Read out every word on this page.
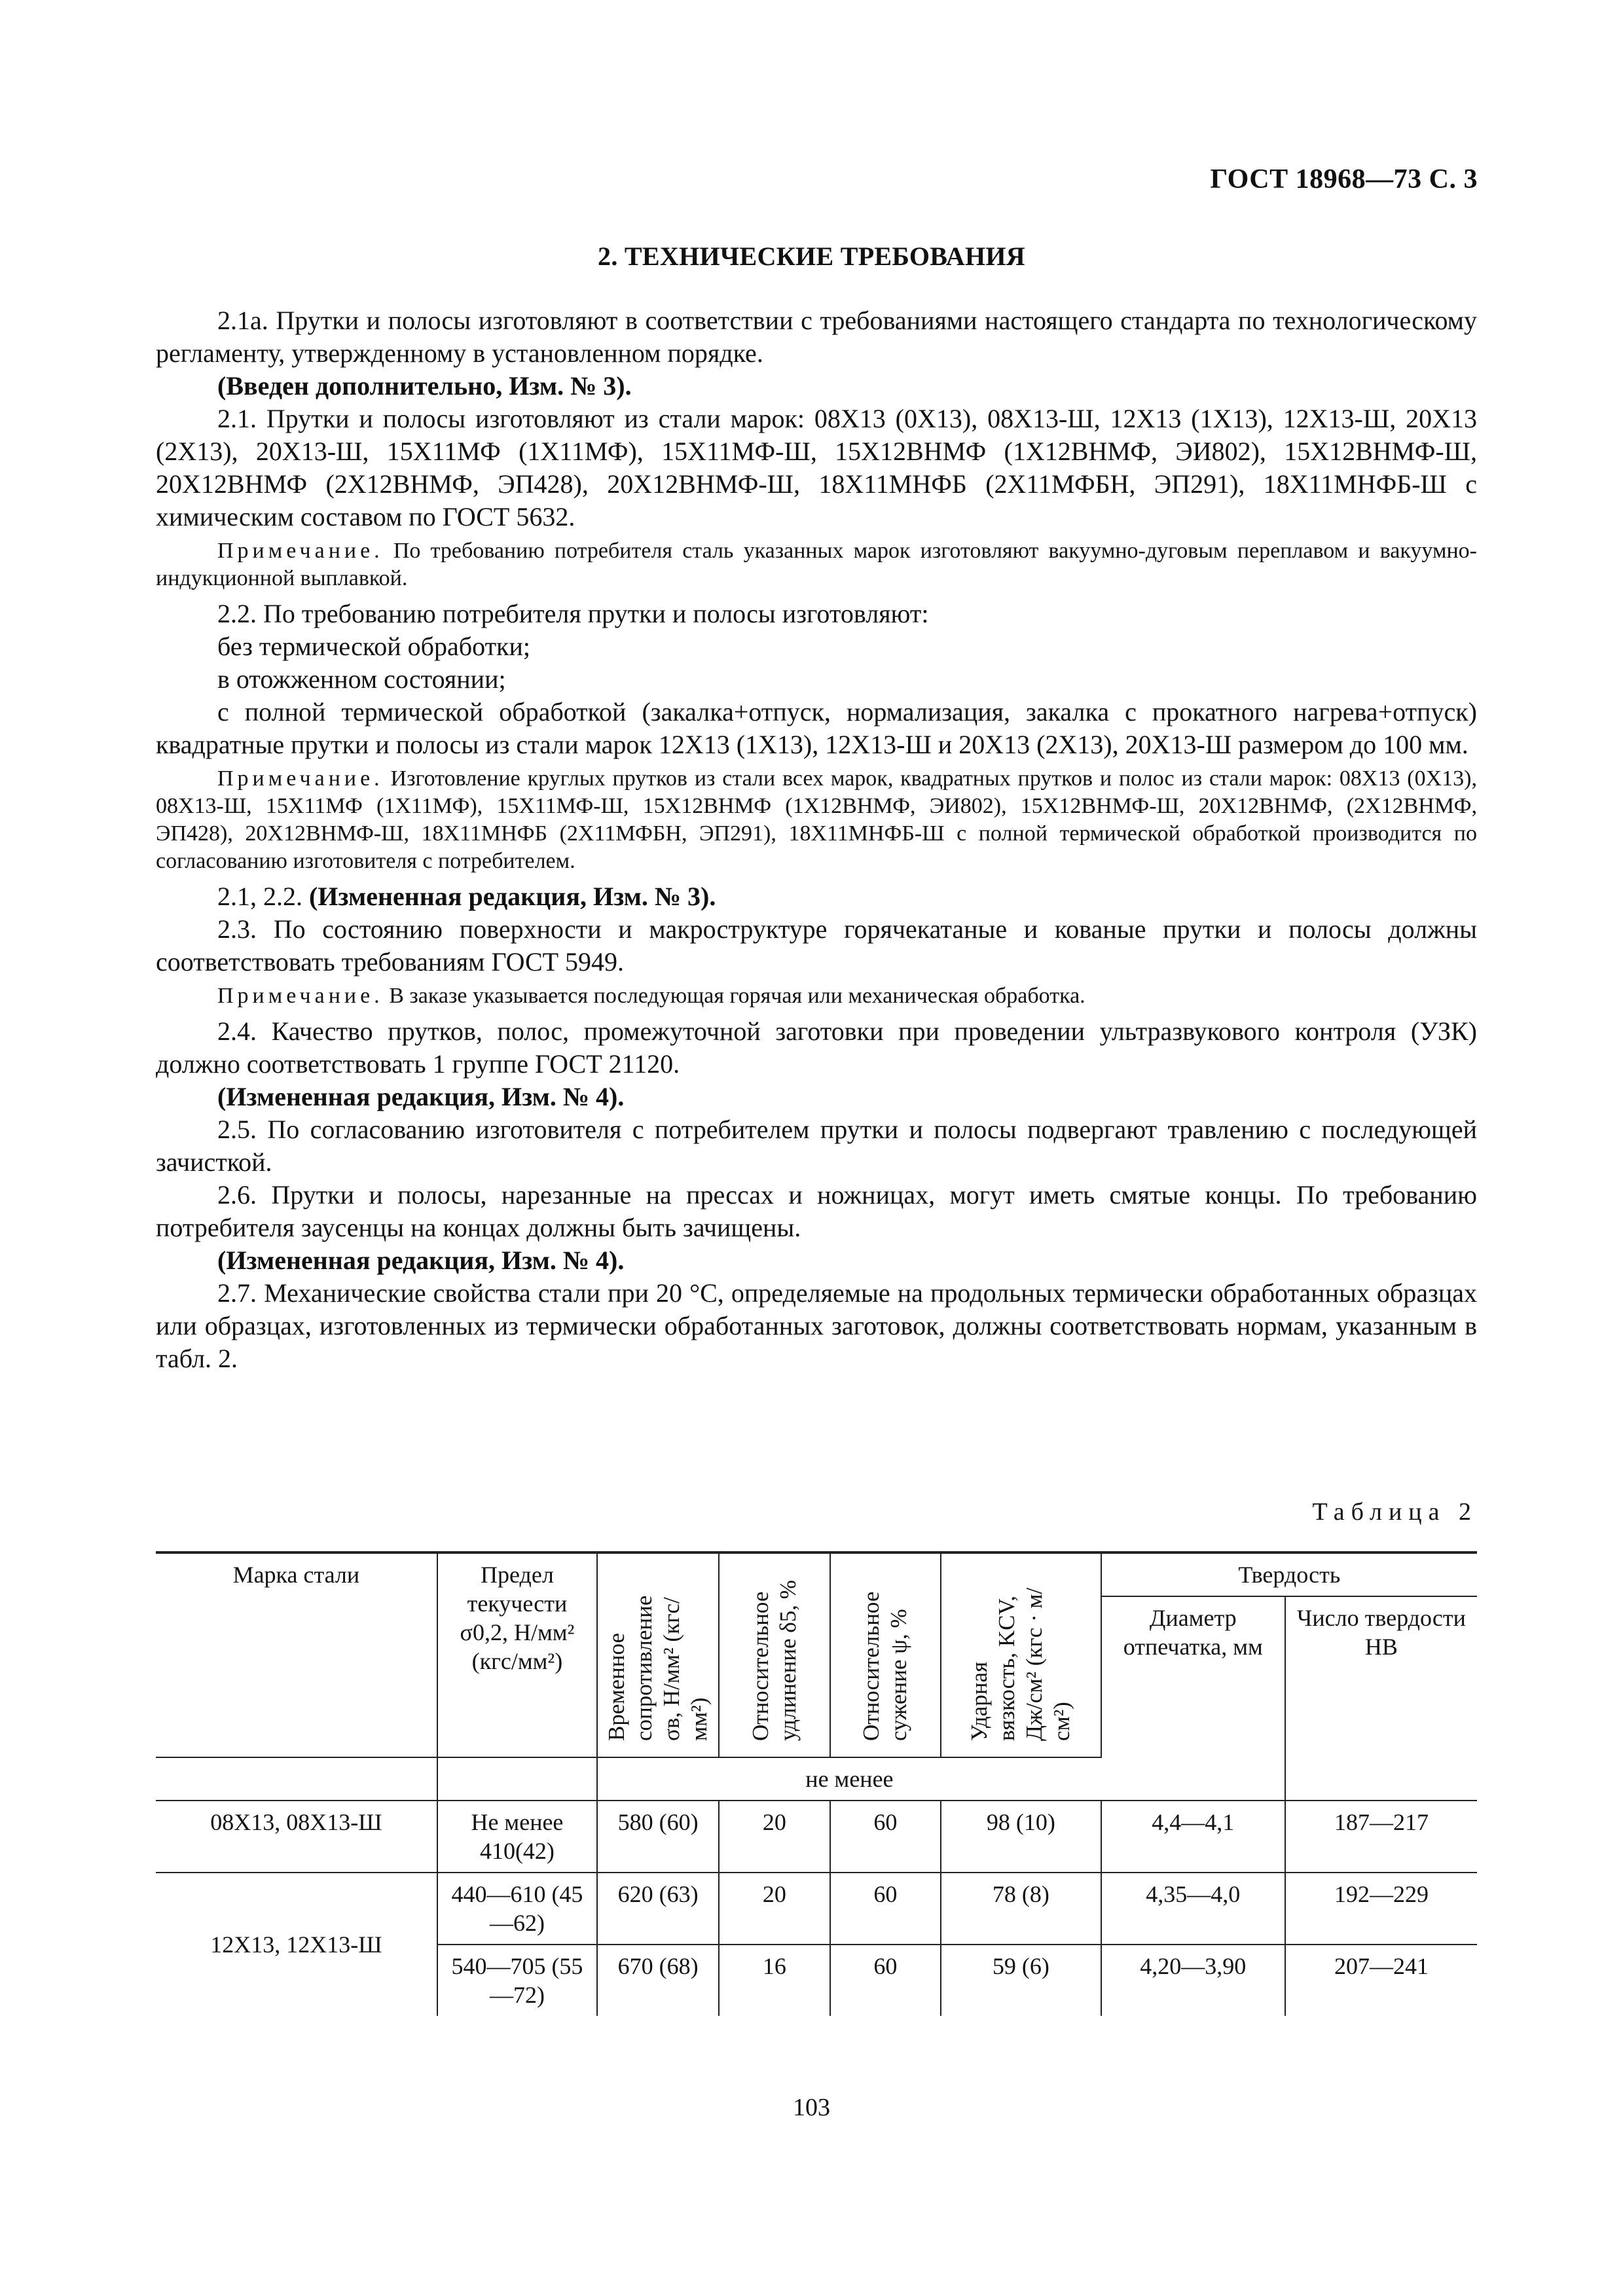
ГОСТ 18968—73 С. 3
2. ТЕХНИЧЕСКИЕ ТРЕБОВАНИЯ

2.1а. Прутки и полосы изготовляют в соответствии с требованиями настоящего стандарта по технологическому регламенту, утвержденному в установленном порядке.

(Введен дополнительно, Изм. № 3).

2.1. Прутки и полосы изготовляют из стали марок: 08Х13 (0Х13), 08Х13-Ш, 12Х13 (1Х13), 12Х13-Ш, 20Х13 (2Х13), 20Х13-Ш, 15Х11МФ (1Х11МФ), 15Х11МФ-Ш, 15Х12ВНМФ (1Х12ВНМФ, ЭИ802), 15Х12ВНМФ-Ш, 20Х12ВНМФ (2Х12ВНМФ, ЭП428), 20Х12ВНМФ-Ш, 18Х11МНФБ (2Х11МФБН, ЭП291), 18Х11МНФБ-Ш с химическим составом по ГОСТ 5632.

Примечание. По требованию потребителя сталь указанных марок изготовляют вакуумно-дуговым переплавом и вакуумно-индукционной выплавкой.

2.2. По требованию потребителя прутки и полосы изготовляют:

без термической обработки;

в отожженном состоянии;

с полной термической обработкой (закалка+отпуск, нормализация, закалка с прокатного нагрева+отпуск) квадратные прутки и полосы из стали марок 12Х13 (1Х13), 12Х13-Ш и 20Х13 (2Х13), 20Х13-Ш размером до 100 мм.

Примечание. Изготовление круглых прутков из стали всех марок, квадратных прутков и полос из стали марок: 08Х13 (0Х13), 08Х13-Ш, 15Х11МФ (1Х11МФ), 15Х11МФ-Ш, 15Х12ВНМФ (1Х12ВНМФ, ЭИ802), 15Х12ВНМФ-Ш, 20Х12ВНМФ, (2Х12ВНМФ, ЭП428), 20Х12ВНМФ-Ш, 18Х11МНФБ (2Х11МФБН, ЭП291), 18Х11МНФБ-Ш с полной термической обработкой производится по согласованию изготовителя с потребителем.

2.1, 2.2. (Измененная редакция, Изм. № 3).

2.3. По состоянию поверхности и макроструктуре горячекатаные и кованые прутки и полосы должны соответствовать требованиям ГОСТ 5949.

Примечание. В заказе указывается последующая горячая или механическая обработка.

2.4. Качество прутков, полос, промежуточной заготовки при проведении ультразвукового контроля (УЗК) должно соответствовать 1 группе ГОСТ 21120.

(Измененная редакция, Изм. № 4).

2.5. По согласованию изготовителя с потребителем прутки и полосы подвергают травлению с последующей зачисткой.

2.6. Прутки и полосы, нарезанные на прессах и ножницах, могут иметь смятые концы. По требованию потребителя заусенцы на концах должны быть зачищены.

(Измененная редакция, Изм. № 4).

2.7. Механические свойства стали при 20 °С, определяемые на продольных термически обработанных образцах или образцах, изготовленных из термически обработанных заготовок, должны соответствовать нормам, указанным в табл. 2.

Таблица 2
Марка стали	Предел текучести σ0,2, Н/мм² (кгс/мм²)	Временное сопротивление σв, Н/мм² (кгс/мм²)	Относительное удлинение δ5, %	Относительное сужение ψ, %	Ударная вязкость, KCV, Дж/см² (кгс · м/см²)	Твердость	
						Диаметр отпечатка, мм	Число твердости НВ
		не менее					
08Х13, 08Х13-Ш	Не менее 410(42)	580 (60)	20	60	98 (10)	4,4—4,1	187—217
12Х13, 12Х13-Ш	440—610 (45—62)	620 (63)	20	60	78 (8)	4,35—4,0	192—229
	540—705 (55—72)	670 (68)	16	60	59 (6)	4,20—3,90	207—241
103
